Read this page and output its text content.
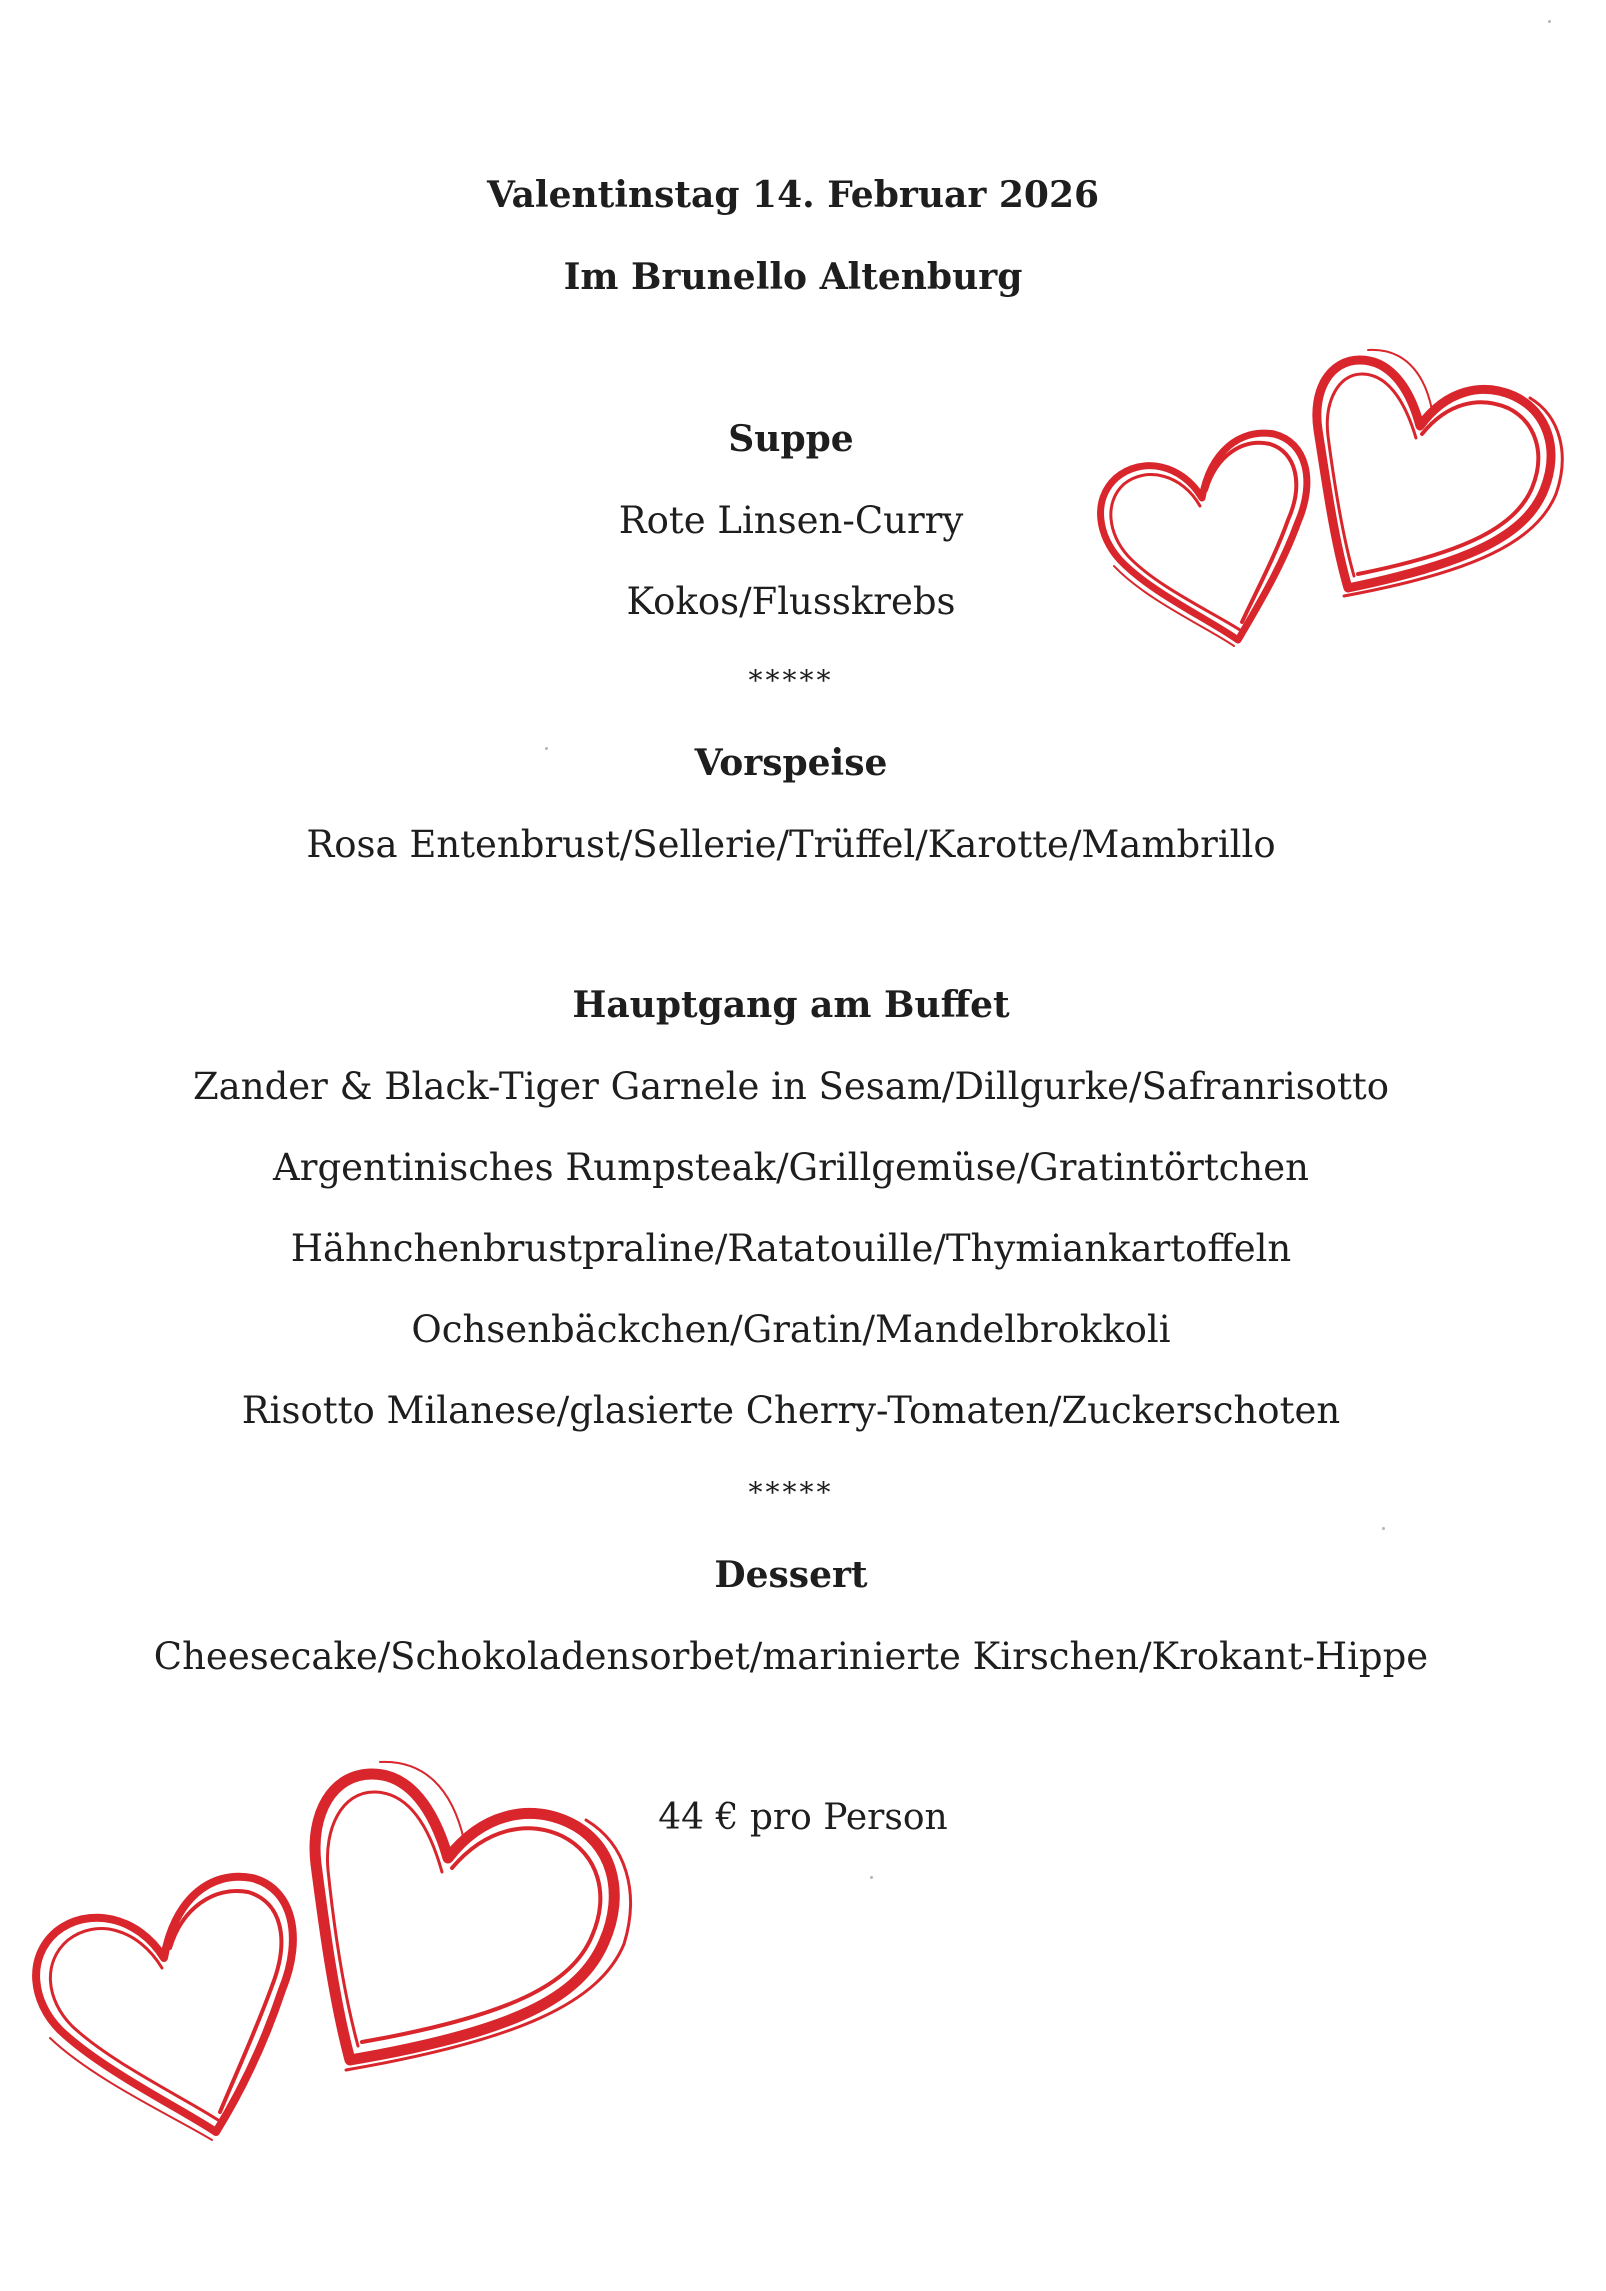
Valentinstag 14. Februar 2026

Im Brunello Altenburg

Suppe

Rote Linsen-Curry

Kokos/Flusskrebs

*****

Vorspeise

Rosa Entenbrust/Sellerie/Trüffel/Karotte/Mambrillo

Hauptgang am Buffet

Zander & Black-Tiger Garnele in Sesam/Dillgurke/Safranrisotto

Argentinisches Rumpsteak/Grillgemüse/Gratintörtchen

Hähnchenbrustpraline/Ratatouille/Thymiankartoffeln

Ochsenbäckchen/Gratin/Mandelbrokkoli

Risotto Milanese/glasierte Cherry-Tomaten/Zuckerschoten

*****

Dessert

Cheesecake/Schokoladensorbet/marinierte Kirschen/Krokant-Hippe

44 € pro Person
